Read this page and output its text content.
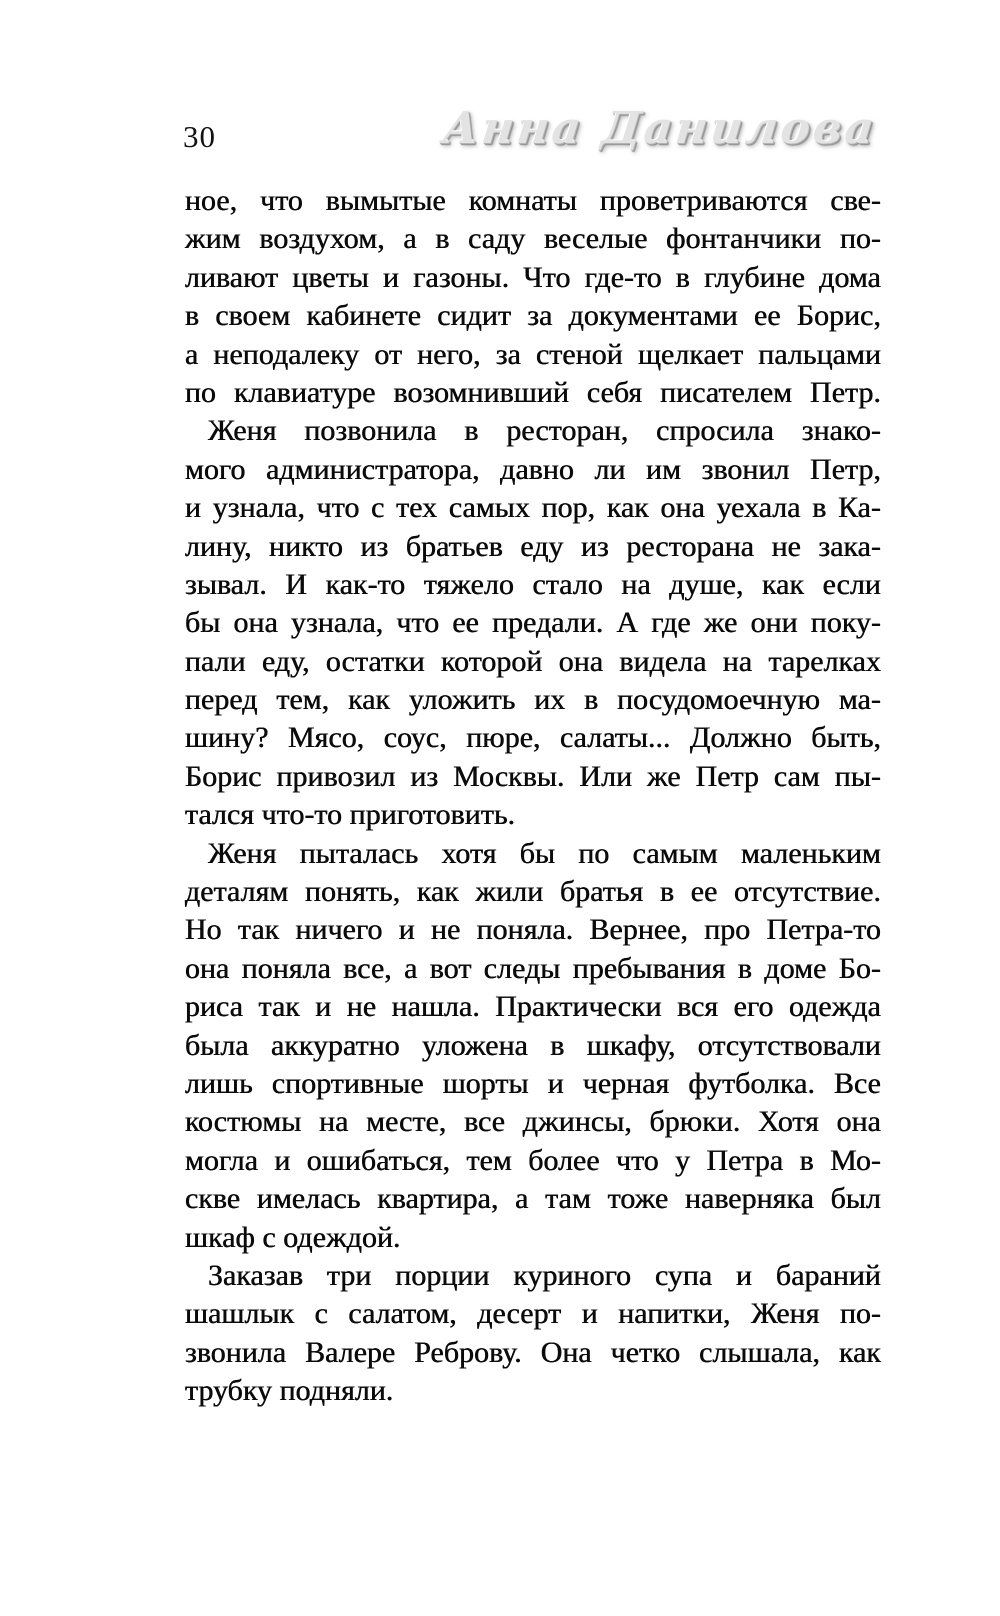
30	Анна Данилова
ное, что вымытые комнаты проветриваются све-
жим воздухом, а в саду веселые фонтанчики по-
ливают цветы и газоны. Что где-то в глубине дома
в своем кабинете сидит за документами ее Борис,
а неподалеку от него, за стеной щелкает пальцами
по клавиатуре возомнивший себя писателем Петр.
Женя позвонила в ресторан, спросила знако-
мого администратора, давно ли им звонил Петр,
и узнала, что с тех самых пор, как она уехала в Ка-
лину, никто из братьев еду из ресторана не зака-
зывал. И как-то тяжело стало на душе, как если
бы она узнала, что ее предали. А где же они поку-
пали еду, остатки которой она видела на тарелках
перед тем, как уложить их в посудомоечную ма-
шину? Мясо, соус, пюре, салаты... Должно быть,
Борис привозил из Москвы. Или же Петр сам пы-
тался что-то приготовить.
Женя пыталась хотя бы по самым маленьким
деталям понять, как жили братья в ее отсутствие.
Но так ничего и не поняла. Вернее, про Петра-то
она поняла все, а вот следы пребывания в доме Бо-
риса так и не нашла. Практически вся его одежда
была аккуратно уложена в шкафу, отсутствовали
лишь спортивные шорты и черная футболка. Все
костюмы на месте, все джинсы, брюки. Хотя она
могла и ошибаться, тем более что у Петра в Мо-
скве имелась квартира, а там тоже наверняка был
шкаф с одеждой.
Заказав три порции куриного супа и бараний
шашлык с салатом, десерт и напитки, Женя по-
звонила Валере Реброву. Она четко слышала, как
трубку подняли.
